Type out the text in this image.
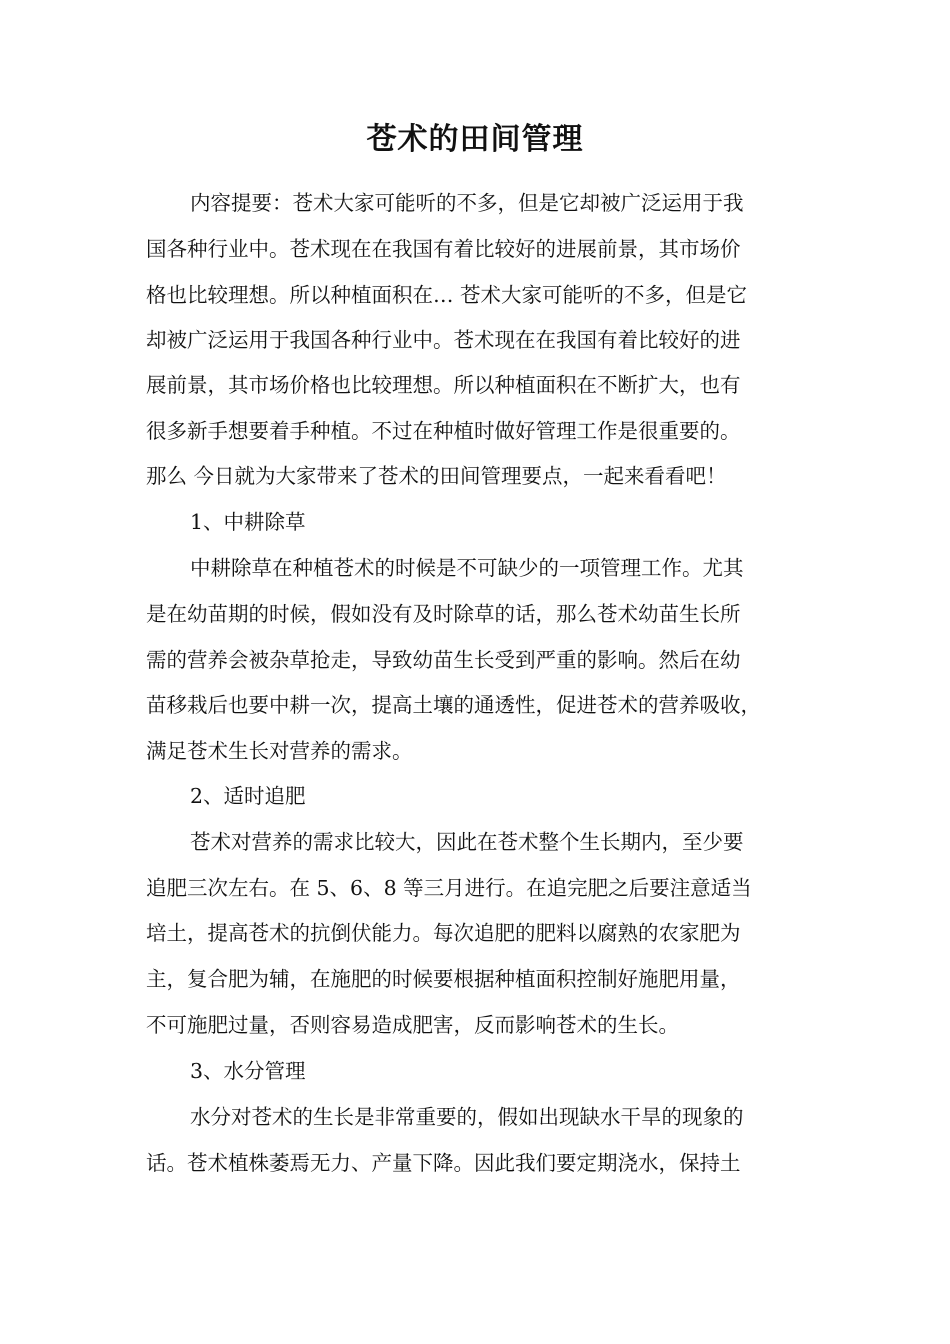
苍术的田间管理

内容提要：苍术大家可能听的不多，但是它却被广泛运用于我

国各种行业中。苍术现在在我国有着比较好的进展前景，其市场价

格也比较理想。所以种植面积在… 苍术大家可能听的不多，但是它

却被广泛运用于我国各种行业中。苍术现在在我国有着比较好的进

展前景，其市场价格也比较理想。所以种植面积在不断扩大，也有

很多新手想要着手种植。不过在种植时做好管理工作是很重要的。

那么 今日就为大家带来了苍术的田间管理要点，一起来看看吧！

1、中耕除草

中耕除草在种植苍术的时候是不可缺少的一项管理工作。尤其

是在幼苗期的时候，假如没有及时除草的话，那么苍术幼苗生长所

需的营养会被杂草抢走，导致幼苗生长受到严重的影响。然后在幼

苗移栽后也要中耕一次，提高土壤的通透性，促进苍术的营养吸收，

满足苍术生长对营养的需求。

2、适时追肥

苍术对营养的需求比较大，因此在苍术整个生长期内，至少要

追肥三次左右。在 5、6、8 等三月进行。在追完肥之后要注意适当

培土，提高苍术的抗倒伏能力。每次追肥的肥料以腐熟的农家肥为

主，复合肥为辅，在施肥的时候要根据种植面积控制好施肥用量，

不可施肥过量，否则容易造成肥害，反而影响苍术的生长。

3、水分管理

水分对苍术的生长是非常重要的，假如出现缺水干旱的现象的

话。苍术植株萎焉无力、产量下降。因此我们要定期浇水，保持土
